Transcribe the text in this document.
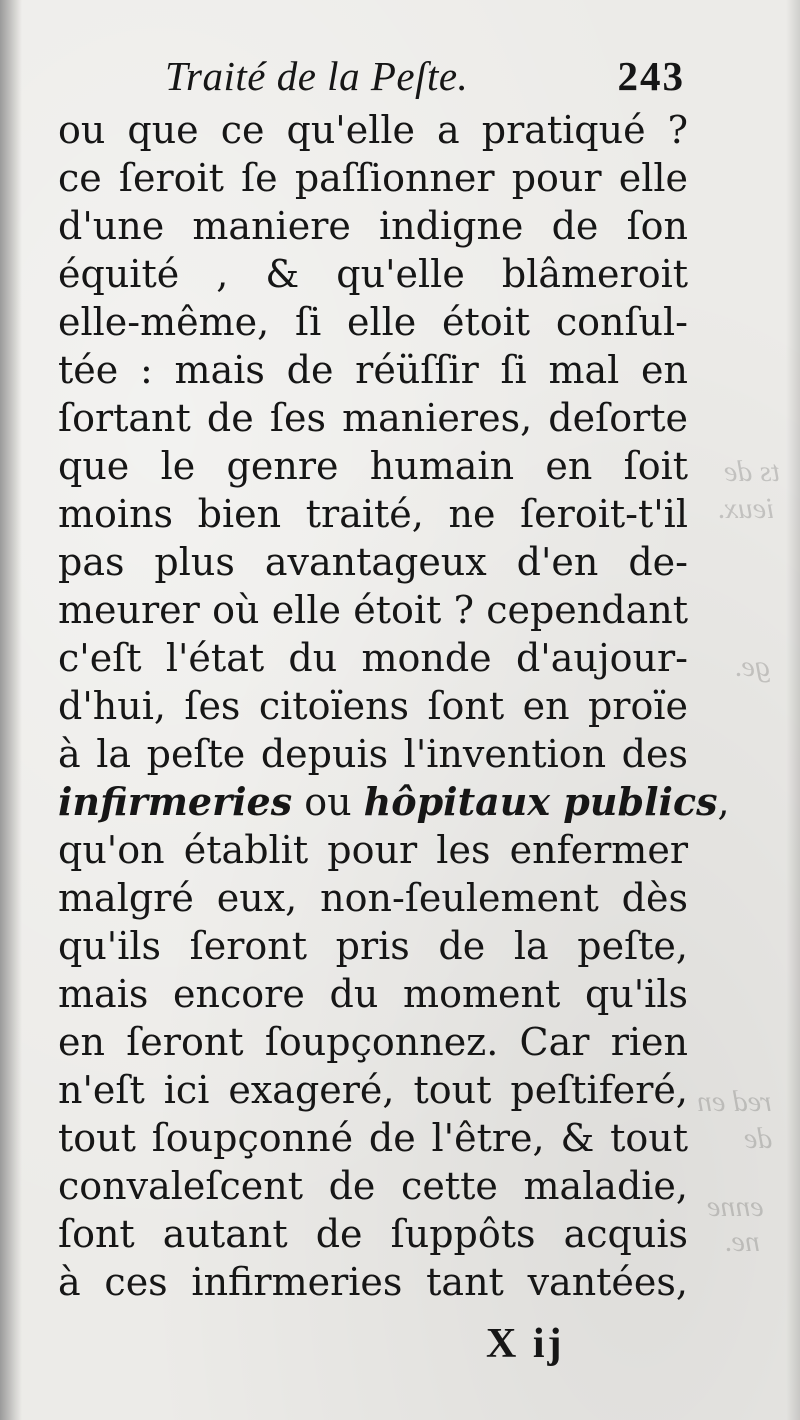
ts de
ieux.
ge.
red en
de
enne
ne.
Traité de la Peſte.	243
ou que ce qu'elle a pratiqué ?
ce ſeroit ſe paſſionner pour elle
d'une maniere indigne de ſon
équité , & qu'elle blâmeroit
elle-même, ſi elle étoit conſul-
tée : mais de réüſſir ſi mal en
ſortant de ſes manieres, deſorte
que le genre humain en ſoit
moins bien traité, ne ſeroit-t'il
pas plus avantageux d'en de-
meurer où elle étoit ? cependant
c'eſt l'état du monde d'aujour-
d'hui, ſes citoïens ſont en proïe
à la peſte depuis l'invention des
infirmeries ou hôpitaux publics,
qu'on établit pour les enfermer
malgré eux, non-ſeulement dès
qu'ils ſeront pris de la peſte,
mais encore du moment qu'ils
en ſeront ſoupçonnez. Car rien
n'eſt ici exageré, tout peſtiferé,
tout ſoupçonné de l'être, & tout
convaleſcent de cette maladie,
ſont autant de ſuppôts acquis
à ces infirmeries tant vantées,
X ij
